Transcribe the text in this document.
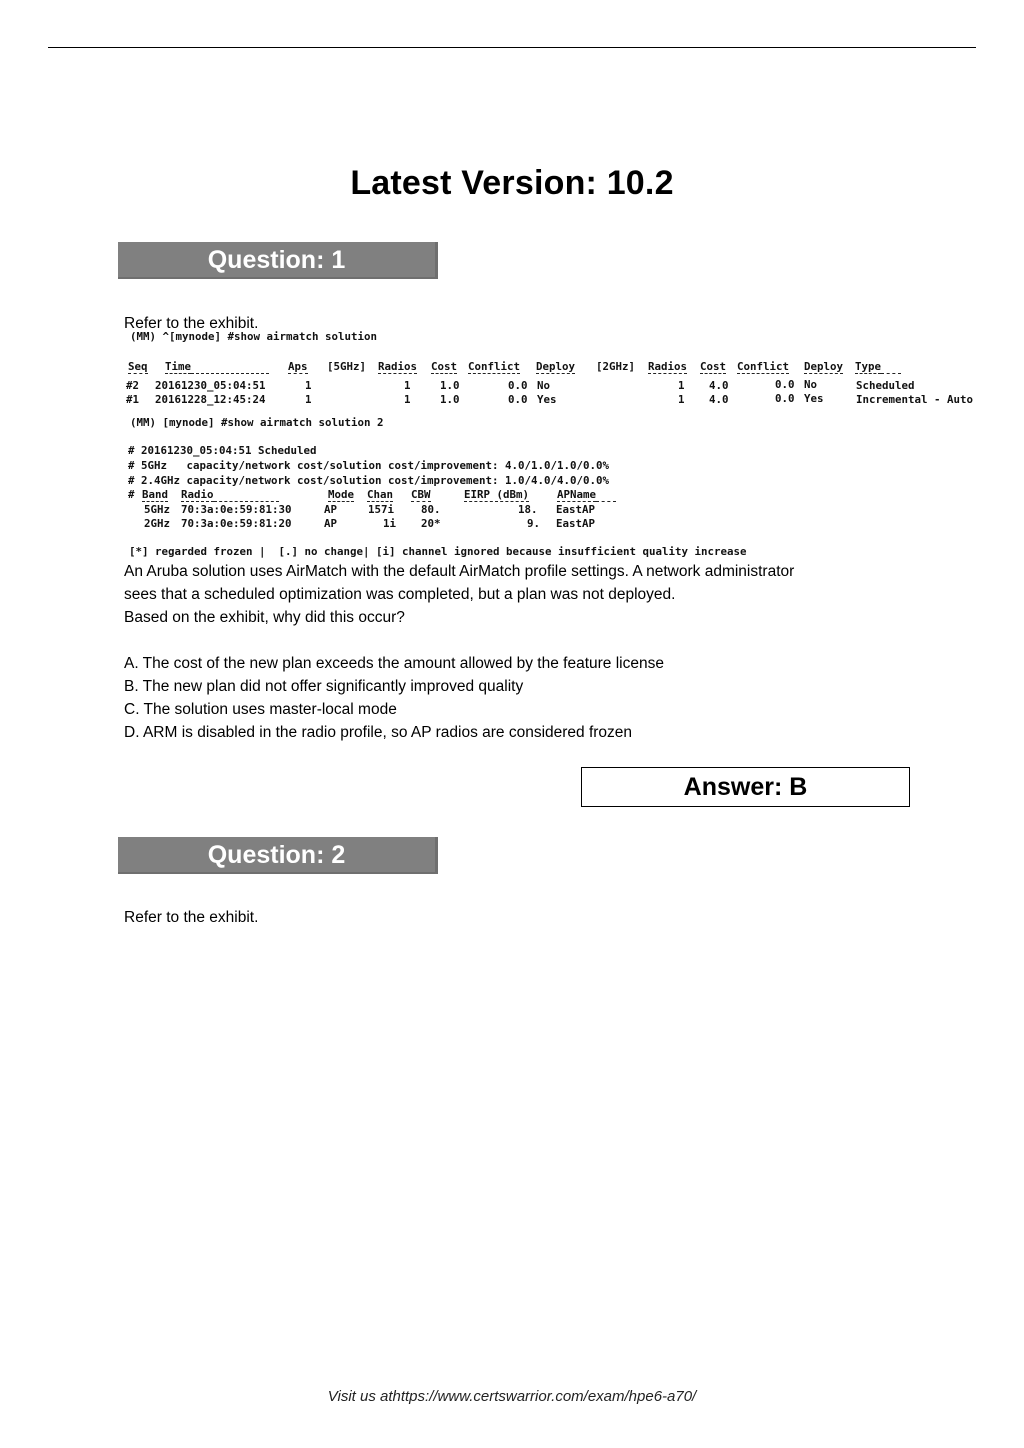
Latest Version: 10.2
Question: 1
Refer to the exhibit.
(MM) ^[mynode] #show airmatch solution
Seq Time	Aps [5GHz] Radios Cost Conflict Deploy [2GHz] Radios Cost Conflict Deploy Type
#2 20161230_05:04:51	1	1	1.0	0.0 No	1 4.0	0.0 No	Scheduled
#1 20161228_12:45:24	1	1	1.0	0.0 Yes	1 4.0	0.0 Yes	Incremental - Auto
(MM) [mynode] #show airmatch solution 2
# 20161230_05:04:51 Scheduled
# 5GHz   capacity/network cost/solution cost/improvement: 4.0/1.0/1.0/0.0%
# 2.4GHz capacity/network cost/solution cost/improvement: 1.0/4.0/4.0/0.0%
# Band Radio	Mode Chan CBW	EIRP (dBm)	APName
5GHz 70:3a:0e:59:81:30	AP	157i 80.	18. EastAP
2GHz 70:3a:0e:59:81:20	AP	1i 20*	9. EastAP
[*] regarded frozen |  [.] no change| [i] channel ignored because insufficient quality increase
An Aruba solution uses AirMatch with the default AirMatch profile settings. A network administrator
sees that a scheduled optimization was completed, but a plan was not deployed.
Based on the exhibit, why did this occur?
A. The cost of the new plan exceeds the amount allowed by the feature license
B. The new plan did not offer significantly improved quality
C. The solution uses master-local mode
D. ARM is disabled in the radio profile, so AP radios are considered frozen
Answer: B
Question: 2
Refer to the exhibit.
Visit us athttps://www.certswarrior.com/exam/hpe6-a70/
